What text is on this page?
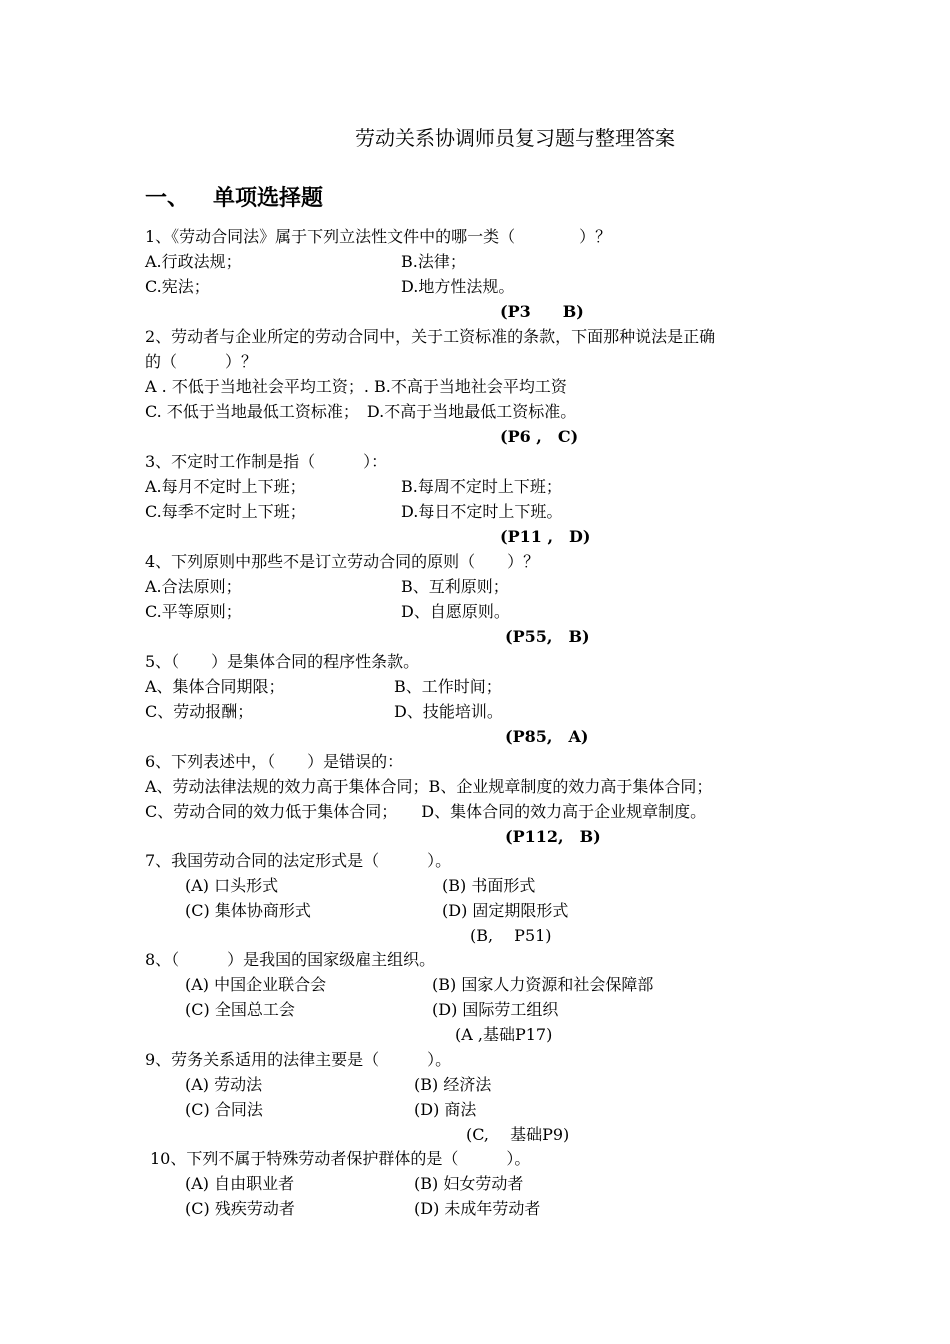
劳动关系协调师员复习题与整理答案
一、 单项选择题
1、《劳动合同法》属于下列立法性文件中的哪一类（　　　　）？
A.行政法规；	B.法律；
C.宪法；	D.地方性法规。
(P3　　B)
2、劳动者与企业所定的劳动合同中，关于工资标准的条款，下面那种说法是正确
的（　　　）？
A . 不低于当地社会平均工资；. B.不高于当地社会平均工资
C. 不低于当地最低工资标准；　D.不高于当地最低工资标准。
(P6 ,　C)
3、不定时工作制是指（　　　）：
A.每月不定时上下班；	B.每周不定时上下班；
C.每季不定时上下班；	D.每日不定时上下班。
(P11 ,　D)
4、下列原则中那些不是订立劳动合同的原则（　　）？
A.合法原则；	B、互利原则；
C.平等原则；	D、自愿原则。
(P55,　B)
5、（　　）是集体合同的程序性条款。
A、集体合同期限；	B、工作时间；
C、劳动报酬；	D、技能培训。
(P85,　A)
6、下列表述中，（　　）是错误的：
A、劳动法律法规的效力高于集体合同；B、企业规章制度的效力高于集体合同；
C、劳动合同的效力低于集体合同；　　D、集体合同的效力高于企业规章制度。
(P112,　B)
7、我国劳动合同的法定形式是（　　　）。
(A) 口头形式	(B) 书面形式
(C) 集体协商形式	(D) 固定期限形式
(B,　 P51)
8、（　　　）是我国的国家级雇主组织。
(A) 中国企业联合会	(B) 国家人力资源和社会保障部
(C) 全国总工会	(D) 国际劳工组织
(A ,基础P17)
9、劳务关系适用的法律主要是（　　　）。
(A) 劳动法	(B) 经济法
(C) 合同法	(D) 商法
(C,　 基础P9)
10、下列不属于特殊劳动者保护群体的是（　　　）。
(A) 自由职业者	(B) 妇女劳动者
(C) 残疾劳动者	(D) 未成年劳动者
